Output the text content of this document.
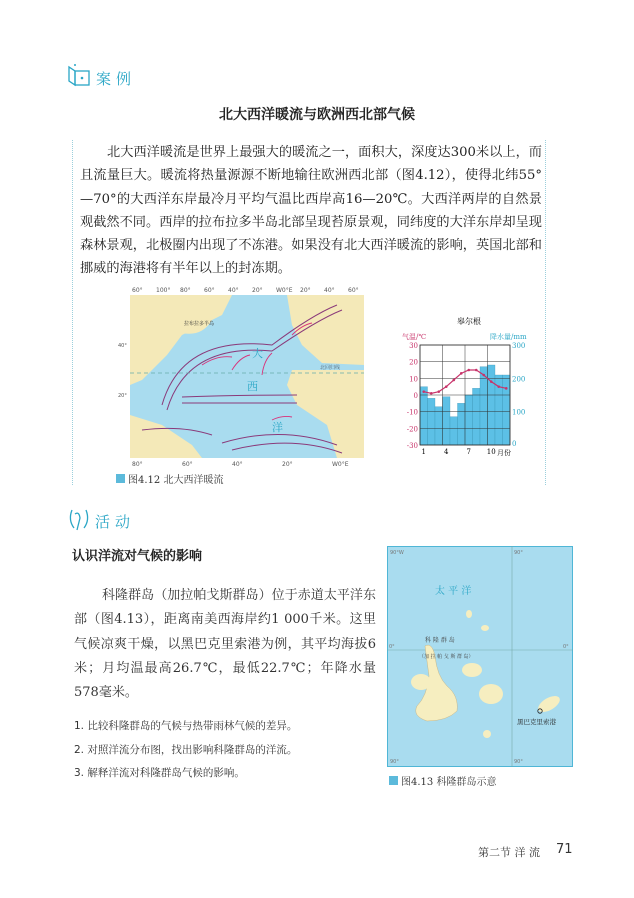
案例
北大西洋暖流与欧洲西北部气候
北大西洋暖流是世界上最强大的暖流之一，面积大，深度达300米以上，而且流量巨大。暖流将热量源源不断地输往欧洲西北部（图4.12），使得北纬55°—70°的大西洋东岸最冷月平均气温比西岸高16—20℃。大西洋两岸的自然景观截然不同。西岸的拉布拉多半岛北部呈现苔原景观，同纬度的大洋东岸却呈现森林景观，北极圈内出现了不冻港。如果没有北大西洋暖流的影响，英国北部和挪威的海港将有半年以上的封冻期。
大
西
洋
拉布拉多半岛
北回归线
60° 100° 80° 60° 40° 20° W0°E 20° 40° 60°
80°	60°	40°	20°	W0°E
40°
20°
图4.12 北大西洋暖流
皋尔根
气温/℃	降水量/mm
30
20
10
0
-10
-20
-30
300
200
100
0
1	4	7 10 月份
活动
认识洋流对气候的影响
科隆群岛（加拉帕戈斯群岛）位于赤道太平洋东部（图4.13），距离南美西海岸约1 000千米。这里气候凉爽干燥，以黑巴克里索港为例，其平均海拔6米；月均温最高26.7℃，最低22.7℃；年降水量578毫米。
1. 比较科隆群岛的气候与热带雨林气候的差异。
2. 对照洋流分布图，找出影响科隆群岛的洋流。
3. 解释洋流对科隆群岛气候的影响。
太 平 洋
科 隆 群 岛
（加 拉 帕 戈 斯 群 岛）
黑巴克里索港
90°W	90°
0°	0°
90°	90°
图4.13 科隆群岛示意
第二节 洋 流 71
